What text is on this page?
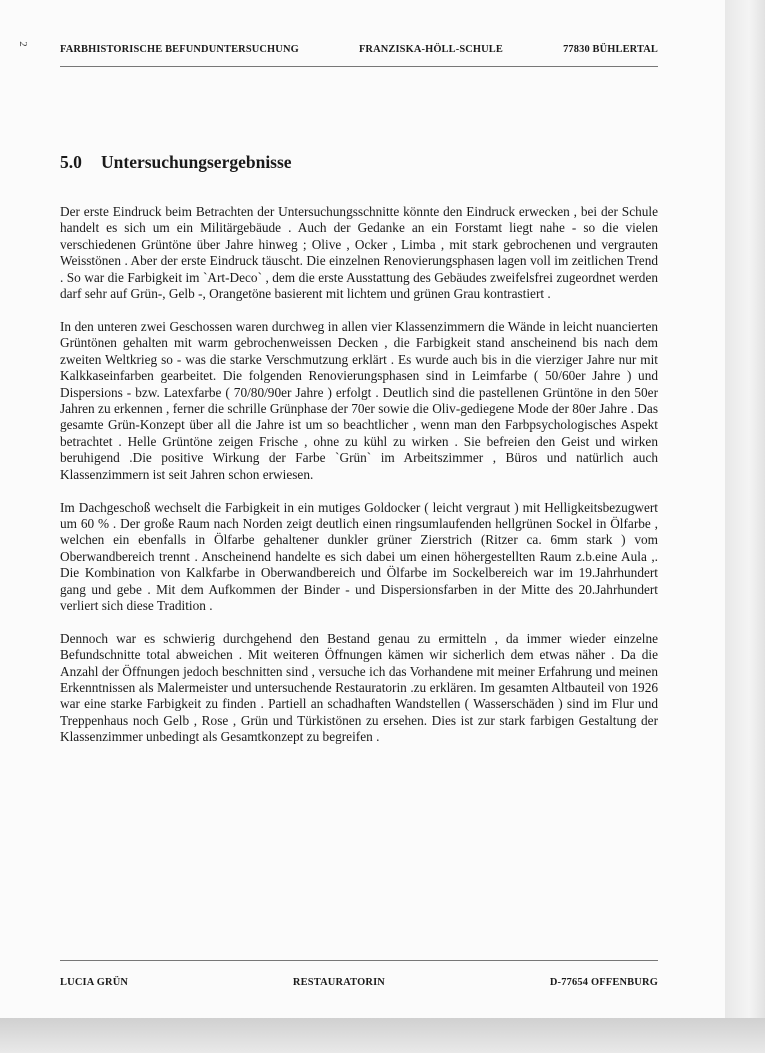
2	FARBHISTORISCHE BEFUNDUNTERSUCHUNG	FRANZISKA-HÖLL-SCHULE	77830 BÜHLERTAL
5.0 Untersuchungsergebnisse

Der erste Eindruck beim Betrachten der Untersuchungsschnitte könnte den Eindruck erwecken , bei der Schule handelt es sich um ein Militärgebäude . Auch der Gedanke an ein Forstamt liegt nahe - so die vielen verschiedenen Grüntöne über Jahre hinweg ; Olive , Ocker , Limba , mit stark gebrochenen und vergrauten Weisstönen . Aber der erste Eindruck täuscht. Die einzelnen Renovierungsphasen lagen voll im zeitlichen Trend . So war die Farbigkeit im `Art-Deco` , dem die erste Ausstattung des Gebäudes zweifelsfrei zugeordnet werden darf sehr auf Grün-, Gelb -, Orangetöne basierent mit lichtem und grünen Grau kontrastiert .

In den unteren zwei Geschossen waren durchweg in allen vier Klassenzimmern die Wände in leicht nuancierten Grüntönen gehalten mit warm gebrochenweissen Decken , die Farbigkeit stand anscheinend bis nach dem zweiten Weltkrieg so - was die starke Verschmutzung erklärt . Es wurde auch bis in die vierziger Jahre nur mit Kalkkaseinfarben gearbeitet. Die folgenden Renovierungsphasen sind in Leimfarbe ( 50/60er Jahre ) und Dispersions - bzw. Latexfarbe ( 70/80/90er Jahre ) erfolgt . Deutlich sind die pastellenen Grüntöne in den 50er Jahren zu erkennen , ferner die schrille Grünphase der 70er sowie die Oliv-gediegene Mode der 80er Jahre . Das gesamte Grün-Konzept über all die Jahre ist um so beachtlicher , wenn man den Farbpsychologisches Aspekt betrachtet . Helle Grüntöne zeigen Frische , ohne zu kühl zu wirken . Sie befreien den Geist und wirken beruhigend .Die positive Wirkung der Farbe `Grün` im Arbeitszimmer , Büros und natürlich auch Klassenzimmern ist seit Jahren schon erwiesen.

Im Dachgeschoß wechselt die Farbigkeit in ein mutiges Goldocker ( leicht vergraut ) mit Helligkeitsbezugwert um 60 % . Der große Raum nach Norden zeigt deutlich einen ringsumlaufenden hellgrünen Sockel in Ölfarbe , welchen ein ebenfalls in Ölfarbe gehaltener dunkler grüner Zierstrich (Ritzer ca. 6mm stark ) vom Oberwandbereich trennt . Anscheinend handelte es sich dabei um einen höhergestellten Raum z.b.eine Aula ,. Die Kombination von Kalkfarbe in Oberwandbereich und Ölfarbe im Sockelbereich war im 19.Jahrhundert gang und gebe . Mit dem Aufkommen der Binder - und Dispersionsfarben in der Mitte des 20.Jahrhundert verliert sich diese Tradition .

Dennoch war es schwierig durchgehend den Bestand genau zu ermitteln , da immer wieder einzelne Befundschnitte total abweichen . Mit weiteren Öffnungen kämen wir sicherlich dem etwas näher . Da die Anzahl der Öffnungen jedoch beschnitten sind , versuche ich das Vorhandene mit meiner Erfahrung und meinen Erkenntnissen als Malermeister und untersuchende Restauratorin .zu erklären. Im gesamten Altbauteil von 1926 war eine starke Farbigkeit zu finden . Partiell an schadhaften Wandstellen ( Wasserschäden ) sind im Flur und Treppenhaus noch Gelb , Rose , Grün und Türkistönen zu ersehen. Dies ist zur stark farbigen Gestaltung der Klassenzimmer unbedingt als Gesamtkonzept zu begreifen .

LUCIA GRÜN	RESTAURATORIN	D-77654 OFFENBURG
